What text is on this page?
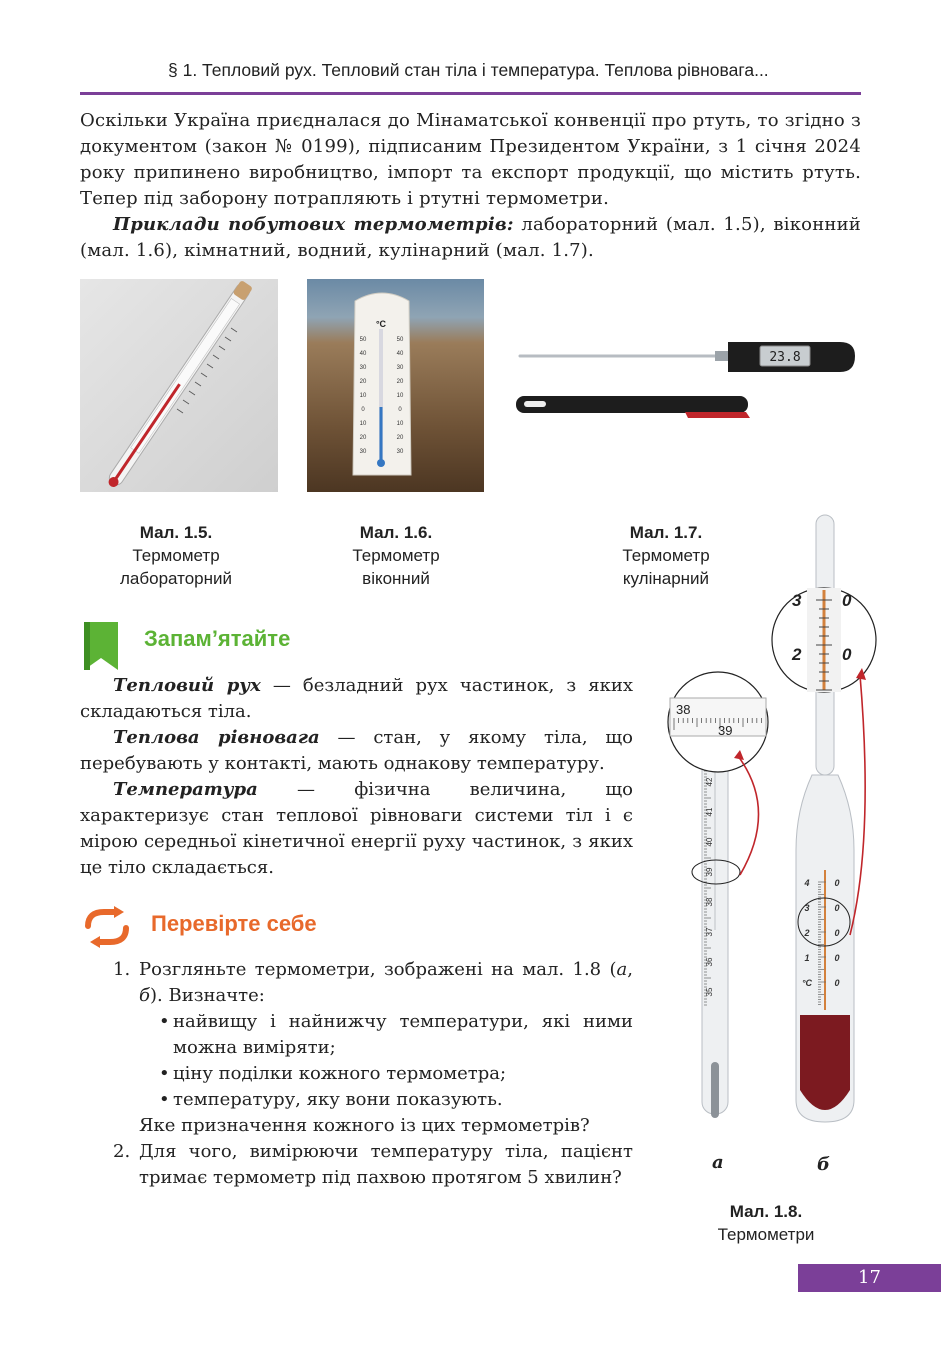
§ 1. Тепловий рух. Тепловий стан тіла і температура. Теплова рівновага...

Оскільки Україна приєдналася до Мінаматської конвенції про ртуть, то згідно з документом (закон № 0199), підписаним Президентом України, з 1 січня 2024 року припинено виробництво, імпорт та експорт продукції, що містить ртуть. Тепер під заборону потрапляють і ртутні термометри.

Приклади побутових термометрів: лабораторний (мал. 1.5), віконний (мал. 1.6), кімнатний, водний, кулінарний (мал. 1.7).

°C
50
40
30
20
10
0
10
20
30
50
40
30
20
10
0
10
20
30
23.8
Мал. 1.5.
Термометр
лабораторний
Мал. 1.6.
Термометр
віконний
Мал. 1.7.
Термометр
кулінарний
Запам’ятайте

Тепловий рух — безладний рух частинок, з яких складаються тіла.

Теплова рівновага — стан, у якому тіла, що перебувають у контакті, мають однакову температуру.

Температура — фізична величина, що характеризує стан теплової рівноваги системи тіл і є мірою середньої кінетичної енергії руху частинок, з яких це тіло складається.

Перевірте себе
1. Розгляньте термометри, зображені на мал. 1.8 (а, б). Визначте:
• найвищу і найнижчу температури, які ними можна виміряти;
• ціну поділки кожного термометра;
• температуру, яку вони показують.
Яке призначення кожного із цих термометрів?
2. Для чого, вимірюючи температуру тіла, пацієнт тримає термометр під пахвою протягом 5 хвилин?
42
41
40
39
38
37
36
35
38
39
4	0
3	0
2	0
1	0
°C 0
3 0
2 0
а	б
Мал. 1.8.
Термометри
17
